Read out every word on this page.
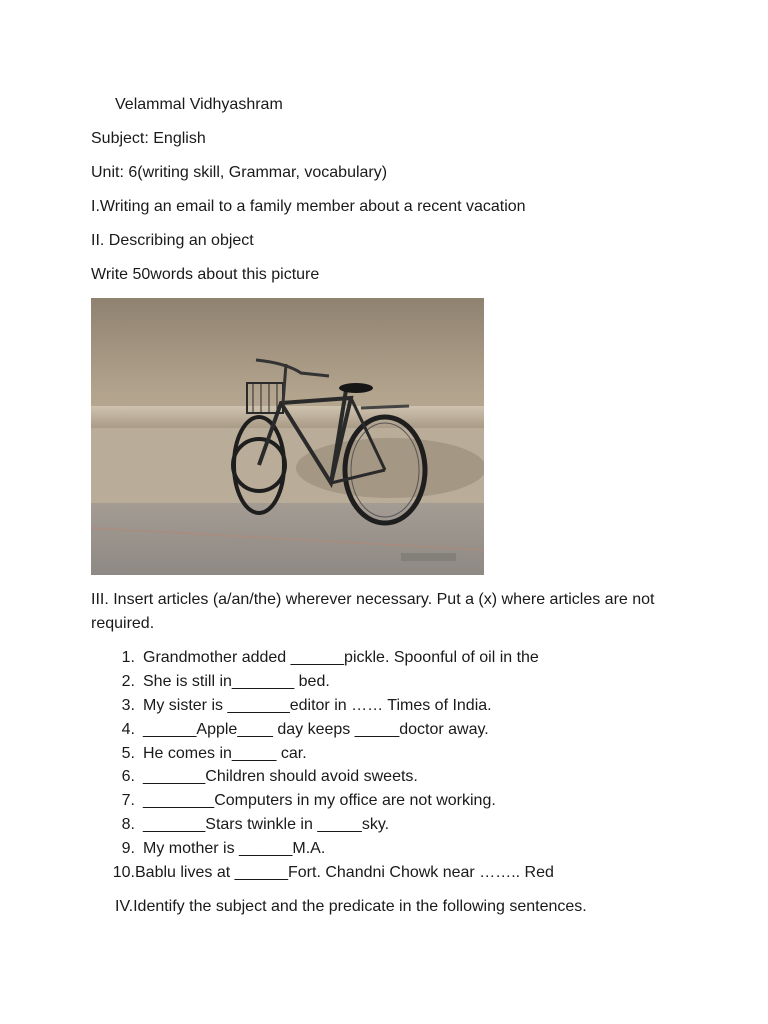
Velammal Vidhyashram
Subject: English
Unit: 6(writing skill, Grammar, vocabulary)
I.Writing an email to a family member about a recent vacation
II. Describing an object
Write 50words about this picture
III. Insert articles (a/an/the) wherever necessary. Put a (x) where articles are not required.
1. Grandmother added ______pickle. Spoonful of oil in the
2. She is still in_______ bed.
3. My sister is _______editor in …… Times of India.
4. ______Apple____ day keeps _____doctor away.
5. He comes in_____ car.
6. _______Children should avoid sweets.
7. ________Computers in my office are not working.
8. _______Stars twinkle in _____sky.
9. My mother is ______M.A.
10.Bablu lives at ______Fort. Chandni Chowk near …….. Red
IV.Identify the subject and the predicate in the following sentences.
